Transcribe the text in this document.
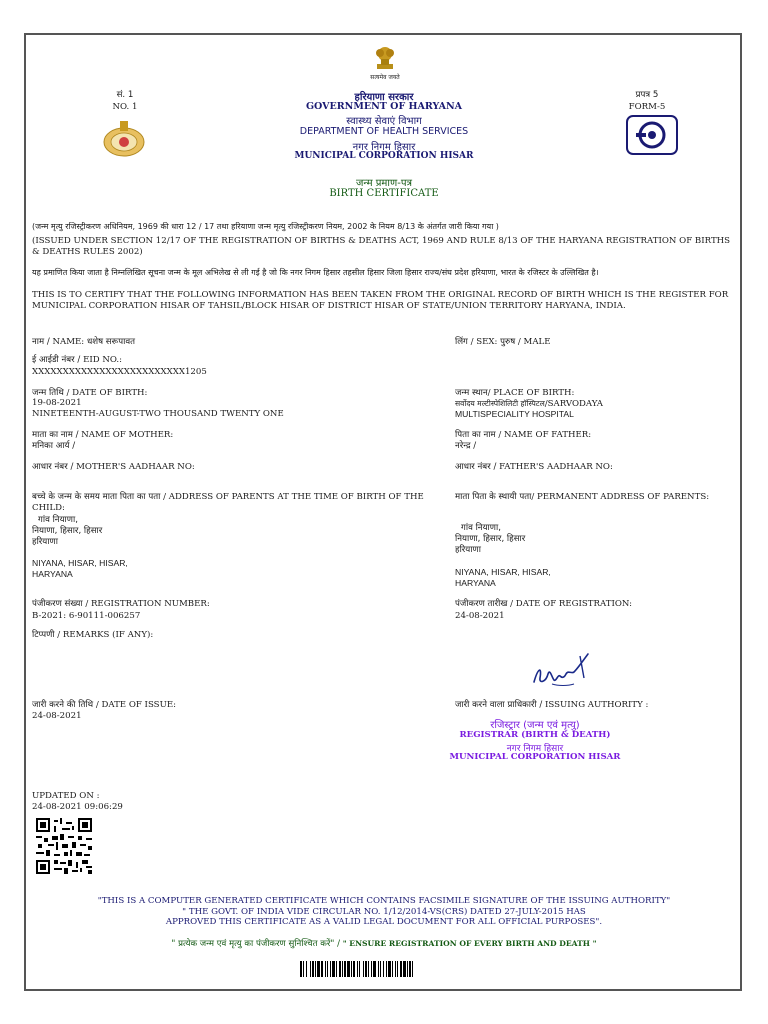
सत्यमेव जयते
सं. 1
NO. 1
प्रपत्र 5
FORM-5
हरियाणा सरकार
GOVERNMENT OF HARYANA
स्वास्थ्य सेवाएं विभाग
DEPARTMENT OF HEALTH SERVICES
नगर निगम हिसार
MUNICIPAL CORPORATION HISAR
जन्म प्रमाण-पत्र
BIRTH CERTIFICATE
(जन्म मृत्यु रजिस्ट्रीकरण अधिनियम, 1969 की धारा 12 / 17 तथा हरियाणा जन्म मृत्यु रजिस्ट्रीकरण नियम, 2002 के नियम 8/13 के अंतर्गत जारी किया गया )
(ISSUED UNDER SECTION 12/17 OF THE REGISTRATION OF BIRTHS & DEATHS ACT, 1969 AND RULE 8/13 OF THE HARYANA REGISTRATION OF BIRTHS & DEATHS RULES 2002)
यह प्रमाणित किया जाता है निम्नलिखित सूचना जन्म के मूल अभिलेख से ली गई है जो कि नगर निगम हिसार तहसील हिसार जिला हिसार राज्य/संघ प्रदेश हरियाणा, भारत के रजिस्टर के उल्लिखित है।
THIS IS TO CERTIFY THAT THE FOLLOWING INFORMATION HAS BEEN TAKEN FROM THE ORIGINAL RECORD OF BIRTH WHICH IS THE REGISTER FOR MUNICIPAL CORPORATION HISAR OF TAHSIL/BLOCK HISAR OF DISTRICT HISAR OF STATE/UNION TERRITORY HARYANA, INDIA.
नाम / NAME: धशेष सरूपावत	लिंग / SEX: पुरुष / MALE
ई आईडी नंबर / EID NO.:
XXXXXXXXXXXXXXXXXXXXXXXXX1205
जन्म तिथि / DATE OF BIRTH:
19-08-2021
NINETEENTH-AUGUST-TWO THOUSAND TWENTY ONE
जन्म स्थान/ PLACE OF BIRTH:
सर्वोदय मल्टीस्पेशिलिटी हॉस्पिटल/SARVODAYA
MULTISPECIALITY HOSPITAL
माता का नाम / NAME OF MOTHER:
मनिका आर्य /
पिता का नाम / NAME OF FATHER:
नरेन्द्र /
आधार नंबर / MOTHER'S AADHAAR NO:	आधार नंबर / FATHER'S AADHAAR NO:
बच्चे के जन्म के समय माता पिता का पता / ADDRESS OF PARENTS AT THE TIME OF BIRTH OF THE CHILD:
गांव नियाणा,
नियाणा, हिसार, हिसार
हरियाणा
NIYANA, HISAR, HISAR,
HARYANA
माता पिता के स्थायी पता/ PERMANENT ADDRESS OF PARENTS:
गांव नियाणा,
नियाणा, हिसार, हिसार
हरियाणा
NIYANA, HISAR, HISAR,
HARYANA
पंजीकरण संख्या / REGISTRATION NUMBER:
B-2021: 6-90111-006257
पंजीकरण तारीख / DATE OF REGISTRATION:
24-08-2021
टिप्पणी / REMARKS (IF ANY):
जारी करने की तिथि / DATE OF ISSUE:
24-08-2021
जारी करने वाला प्राधिकारी / ISSUING AUTHORITY :
रजिस्ट्रार (जन्म एवं मृत्यु)
REGISTRAR (BIRTH & DEATH)
नगर निगम हिसार
MUNICIPAL CORPORATION HISAR
UPDATED ON :
24-08-2021 09:06:29
"THIS IS A COMPUTER GENERATED CERTIFICATE WHICH CONTAINS FACSIMILE SIGNATURE OF THE ISSUING AUTHORITY"
" THE GOVT. OF INDIA VIDE CIRCULAR NO. 1/12/2014-VS(CRS) DATED 27-JULY-2015 HAS
APPROVED THIS CERTIFICATE AS A VALID LEGAL DOCUMENT FOR ALL OFFICIAL PURPOSES".
" प्रत्येक जन्म एवं मृत्यु का पंजीकरण सुनिश्चित करें" / " ENSURE REGISTRATION OF EVERY BIRTH AND DEATH "
